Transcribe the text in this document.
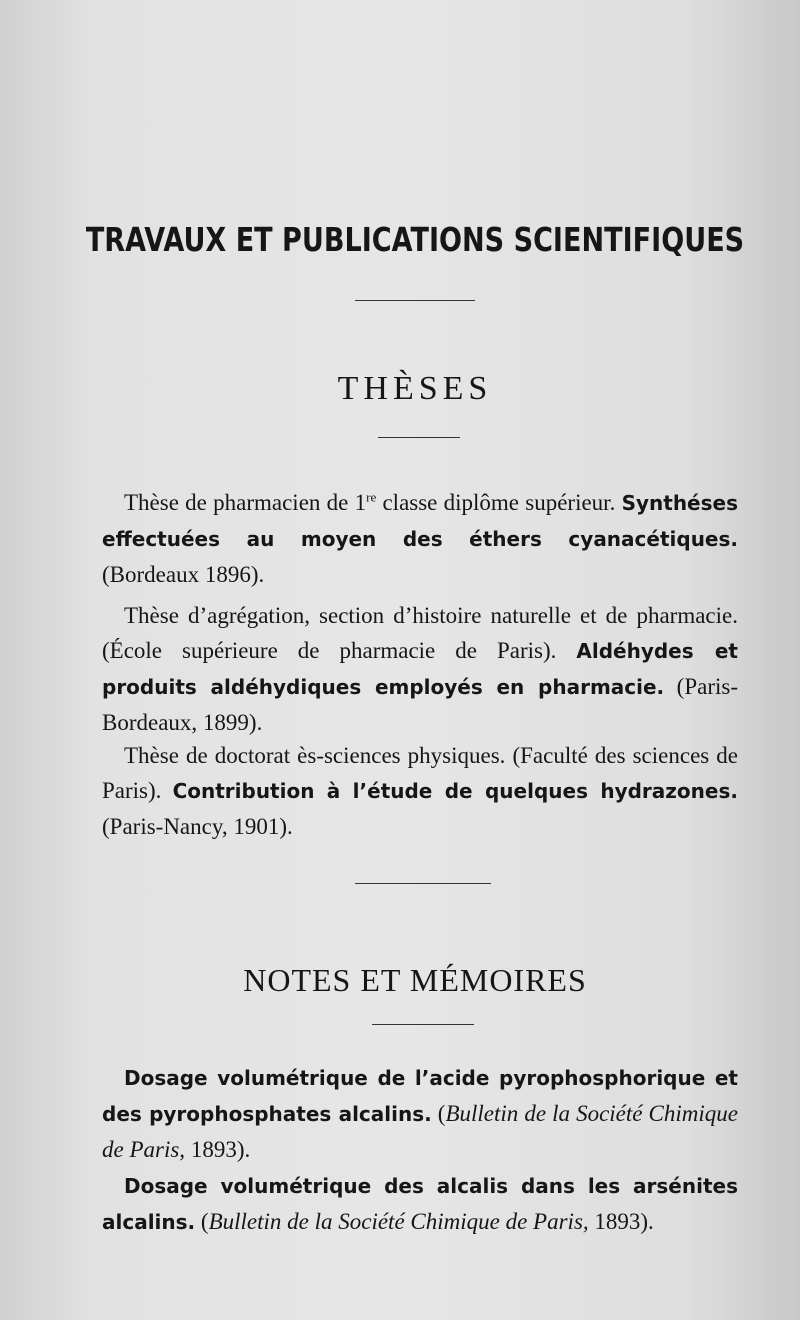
TRAVAUX ET PUBLICATIONS SCIENTIFIQUES
THÈSES

Thèse de pharmacien de 1re classe diplôme supérieur. Synthéses effectuées au moyen des éthers cyanacétiques. (Bordeaux 1896).

Thèse d’agrégation, section d’histoire naturelle et de pharmacie. (École supérieure de pharmacie de Paris). Aldéhydes et produits aldéhydiques employés en pharmacie. (Paris-Bordeaux, 1899).

Thèse de doctorat ès-sciences physiques. (Faculté des sciences de Paris). Contribution à l’étude de quelques hydrazones. (Paris-Nancy, 1901).

NOTES ET MÉMOIRES

Dosage volumétrique de l’acide pyrophosphorique et des pyrophosphates alcalins. (Bulletin de la Société Chimique de Paris, 1893).

Dosage volumétrique des alcalis dans les arsénites alcalins. (Bulletin de la Société Chimique de Paris, 1893).
